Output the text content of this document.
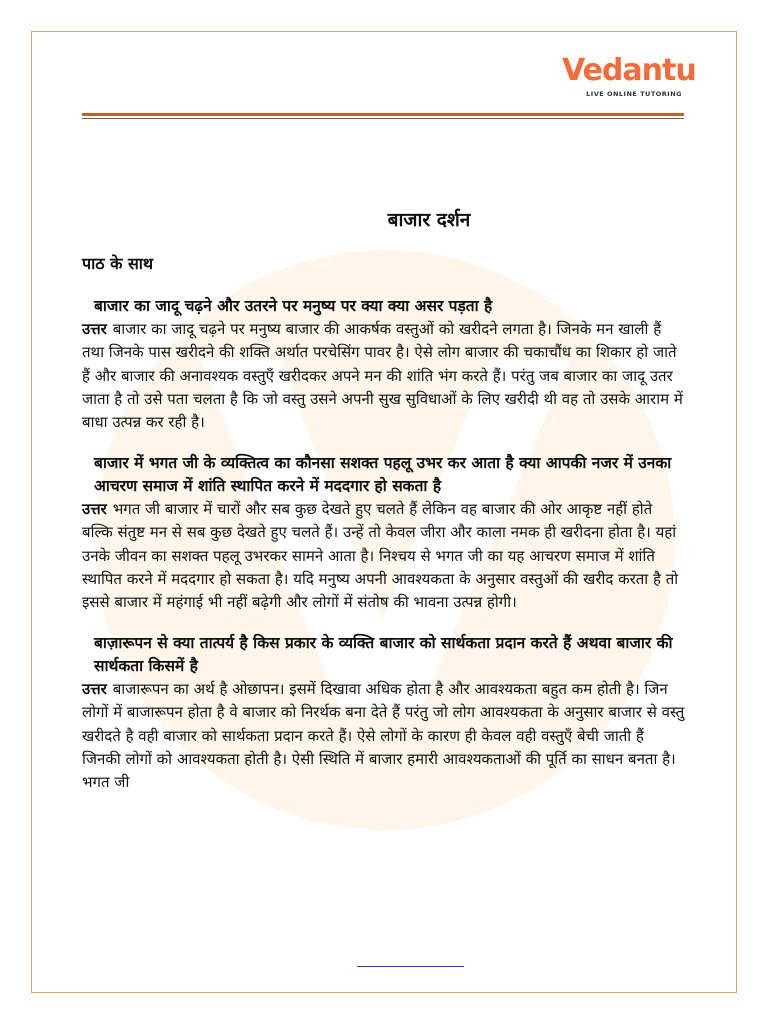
Vedantu
LIVE ONLINE TUTORING
बाजार दर्शन
पाठ के साथ

बाजार का जादू चढ़ने और उतरने पर मनुष्य पर क्या क्या असर पड़ता है

उत्तर बाजार का जादू चढ़ने पर मनुष्य बाजार की आकर्षक वस्तुओं को खरीदने लगता है। जिनके मन खाली हैं तथा जिनके पास खरीदने की शक्ति अर्थात परचेसिंग पावर है। ऐसे लोग बाजार की चकाचौंध का शिकार हो जाते हैं और बाजार की अनावश्यक वस्तुएँ खरीदकर अपने मन की शांति भंग करते हैं। परंतु जब बाजार का जादू उतर जाता है तो उसे पता चलता है कि जो वस्तु उसने अपनी सुख सुविधाओं के लिए खरीदी थी वह तो उसके आराम में बाधा उत्पन्न कर रही है।

बाजार में भगत जी के व्यक्तित्व का कौनसा सशक्त पहलू उभर कर आता है क्या आपकी नजर में उनका आचरण समाज में शांति स्थापित करने में मददगार हो सकता है

उत्तर भगत जी बाजार में चारों और सब कुछ देखते हुए चलते हैं लेकिन वह बाजार की ओर आकृष्ट नहीं होते बल्कि संतुष्ट मन से सब कुछ देखते हुए चलते हैं। उन्हें तो केवल जीरा और काला नमक ही खरीदना होता है। यहां उनके जीवन का सशक्त पहलू उभरकर सामने आता है। निश्चय से भगत जी का यह आचरण समाज में शांति स्थापित करने में मददगार हो सकता है। यदि मनुष्य अपनी आवश्यकता के अनुसार वस्तुओं की खरीद करता है तो इससे बाजार में महंगाई भी नहीं बढ़ेगी और लोगों में संतोष की भावना उत्पन्न होगी।

बाज़ारूपन से क्या तात्पर्य है किस प्रकार के व्यक्ति बाजार को सार्थकता प्रदान करते हैं अथवा बाजार की सार्थकता किसमें है

उत्तर बाजारूपन का अर्थ है ओछापन। इसमें दिखावा अधिक होता है और आवश्यकता बहुत कम होती है। जिन लोगों में बाजारूपन होता है वे बाजार को निरर्थक बना देते हैं परंतु जो लोग आवश्यकता के अनुसार बाजार से वस्तु खरीदते है वही बाजार को सार्थकता प्रदान करते हैं। ऐसे लोगों के कारण ही केवल वही वस्तुएँ बेची जाती हैं जिनकी लोगों को आवश्यकता होती है। ऐसी स्थिति में बाजार हमारी आवश्यकताओं की पूर्ति का साधन बनता है। भगत जी
